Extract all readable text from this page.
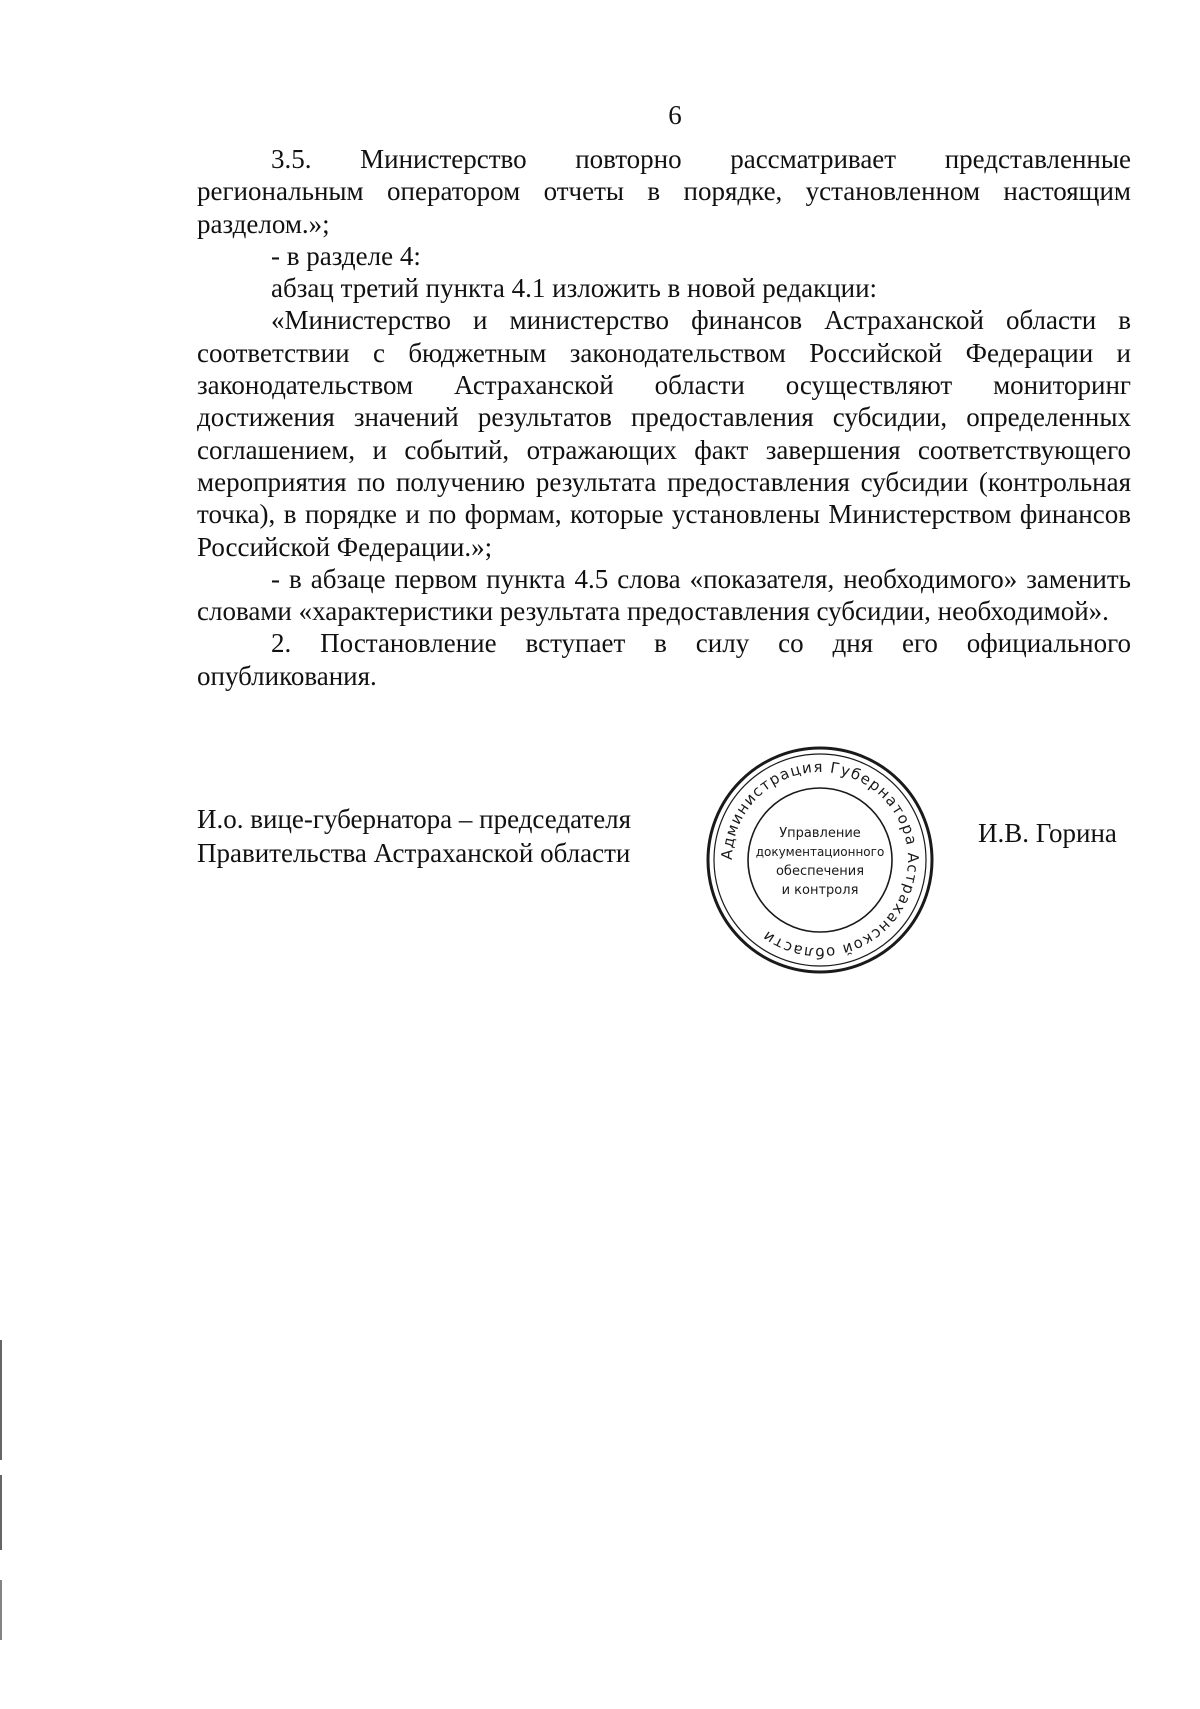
6

3.5. Министерство повторно рассматривает представленные региональным оператором отчеты в порядке, установленном настоящим разделом.»;

- в разделе 4:

абзац третий пункта 4.1 изложить в новой редакции:

«Министерство и министерство финансов Астраханской области в соответствии с бюджетным законодательством Российской Федерации и законодательством Астраханской области осуществляют мониторинг достижения значений результатов предоставления субсидии, определенных соглашением, и событий, отражающих факт завершения соответствующего мероприятия по получению результата предоставления субсидии (контрольная точка), в порядке и по формам, которые установлены Министерством финансов Российской Федерации.»;

- в абзаце первом пункта 4.5 слова «показателя, необходимого» заменить словами «характеристики результата предоставления субсидии, необходимой».

2. Постановление вступает в силу со дня его официального опубликования.

И.о. вице-губернатора – председателя
Правительства Астраханской области	Администрация Губернатора Астраханской области
Управление
документационного
обеспечения
и контроля
И.В. Горина
